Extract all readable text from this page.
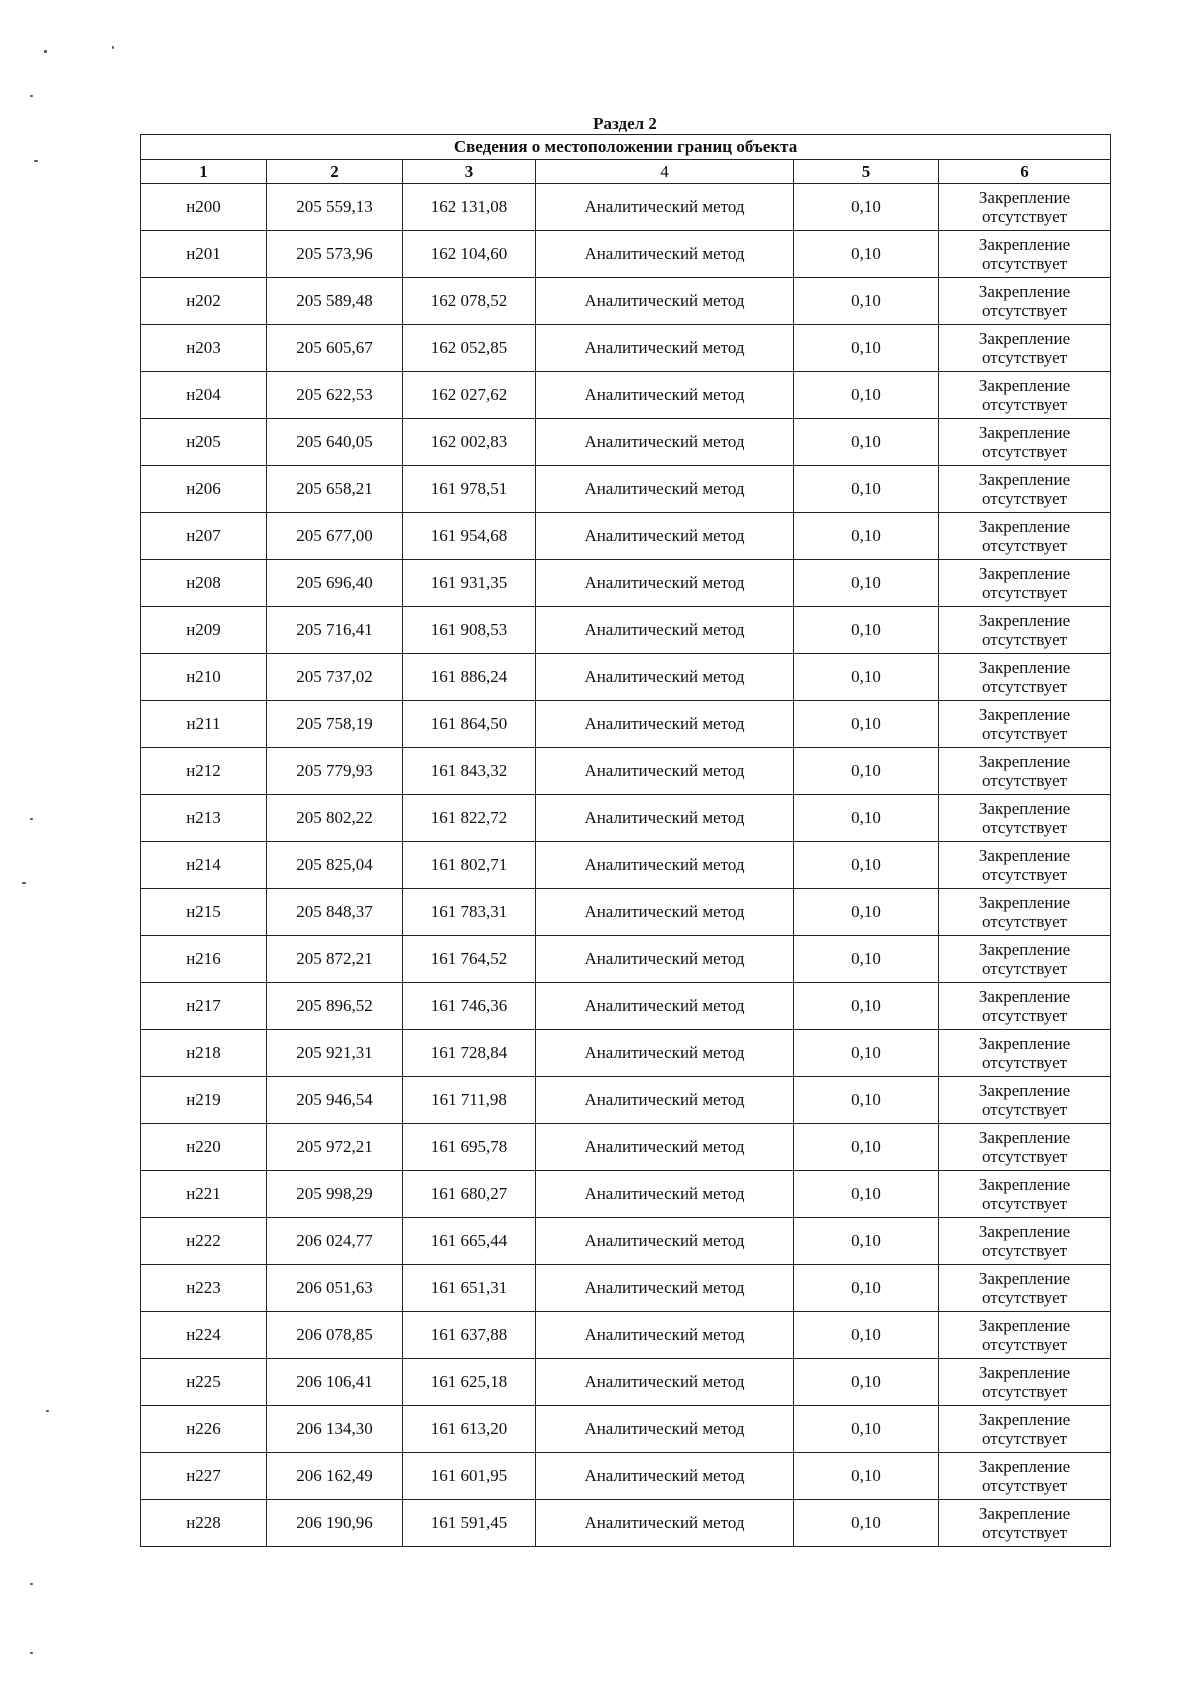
Раздел 2
Сведения о местоположении границ объекта					
1	2	3	4	5	6
н200	205 559,13	162 131,08	Аналитический метод	0,10	Закрепление
отсутствует

н201	205 573,96	162 104,60	Аналитический метод	0,10	Закрепление
отсутствует

н202	205 589,48	162 078,52	Аналитический метод	0,10	Закрепление
отсутствует

н203	205 605,67	162 052,85	Аналитический метод	0,10	Закрепление
отсутствует

н204	205 622,53	162 027,62	Аналитический метод	0,10	Закрепление
отсутствует

н205	205 640,05	162 002,83	Аналитический метод	0,10	Закрепление
отсутствует

н206	205 658,21	161 978,51	Аналитический метод	0,10	Закрепление
отсутствует

н207	205 677,00	161 954,68	Аналитический метод	0,10	Закрепление
отсутствует

н208	205 696,40	161 931,35	Аналитический метод	0,10	Закрепление
отсутствует

н209	205 716,41	161 908,53	Аналитический метод	0,10	Закрепление
отсутствует

н210	205 737,02	161 886,24	Аналитический метод	0,10	Закрепление
отсутствует

н211	205 758,19	161 864,50	Аналитический метод	0,10	Закрепление
отсутствует

н212	205 779,93	161 843,32	Аналитический метод	0,10	Закрепление
отсутствует

н213	205 802,22	161 822,72	Аналитический метод	0,10	Закрепление
отсутствует

н214	205 825,04	161 802,71	Аналитический метод	0,10	Закрепление
отсутствует

н215	205 848,37	161 783,31	Аналитический метод	0,10	Закрепление
отсутствует

н216	205 872,21	161 764,52	Аналитический метод	0,10	Закрепление
отсутствует

н217	205 896,52	161 746,36	Аналитический метод	0,10	Закрепление
отсутствует

н218	205 921,31	161 728,84	Аналитический метод	0,10	Закрепление
отсутствует

н219	205 946,54	161 711,98	Аналитический метод	0,10	Закрепление
отсутствует

н220	205 972,21	161 695,78	Аналитический метод	0,10	Закрепление
отсутствует

н221	205 998,29	161 680,27	Аналитический метод	0,10	Закрепление
отсутствует

н222	206 024,77	161 665,44	Аналитический метод	0,10	Закрепление
отсутствует

н223	206 051,63	161 651,31	Аналитический метод	0,10	Закрепление
отсутствует

н224	206 078,85	161 637,88	Аналитический метод	0,10	Закрепление
отсутствует

н225	206 106,41	161 625,18	Аналитический метод	0,10	Закрепление
отсутствует

н226	206 134,30	161 613,20	Аналитический метод	0,10	Закрепление
отсутствует

н227	206 162,49	161 601,95	Аналитический метод	0,10	Закрепление
отсутствует

н228	206 190,96	161 591,45	Аналитический метод	0,10	Закрепление
отсутствует
